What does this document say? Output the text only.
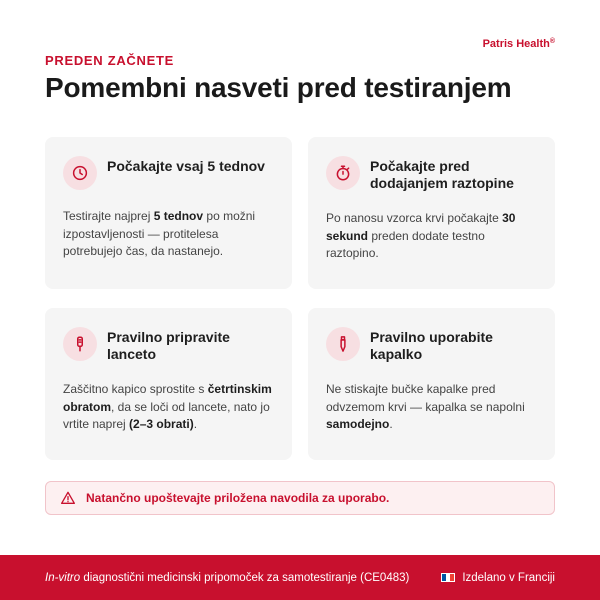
Patris Health®
PREDEN ZAČNETE
Pomembni nasveti pred testiranjem
Počakajte vsaj 5 tednov

Testirajte najprej 5 tednov po možni izpostavljenosti — protitelesa potrebujejo čas, da nastanejo.

Počakajte pred dodajanjem raztopine

Po nanosu vzorca krvi počakajte 30 sekund preden dodate testno raztopino.

Pravilno pripravite lanceto

Zaščitno kapico sprostite s četrtinskim obratom, da se loči od lancete, nato jo vrtite naprej (2–3 obrati).

Pravilno uporabite kapalko

Ne stiskajte bučke kapalke pred odvzemom krvi — kapalka se napolni samodejno.

Natančno upoštevajte priložena navodila za uporabo.
In-vitro diagnostični medicinski pripomoček za samotestiranje (CE0483)	Izdelano v Franciji
